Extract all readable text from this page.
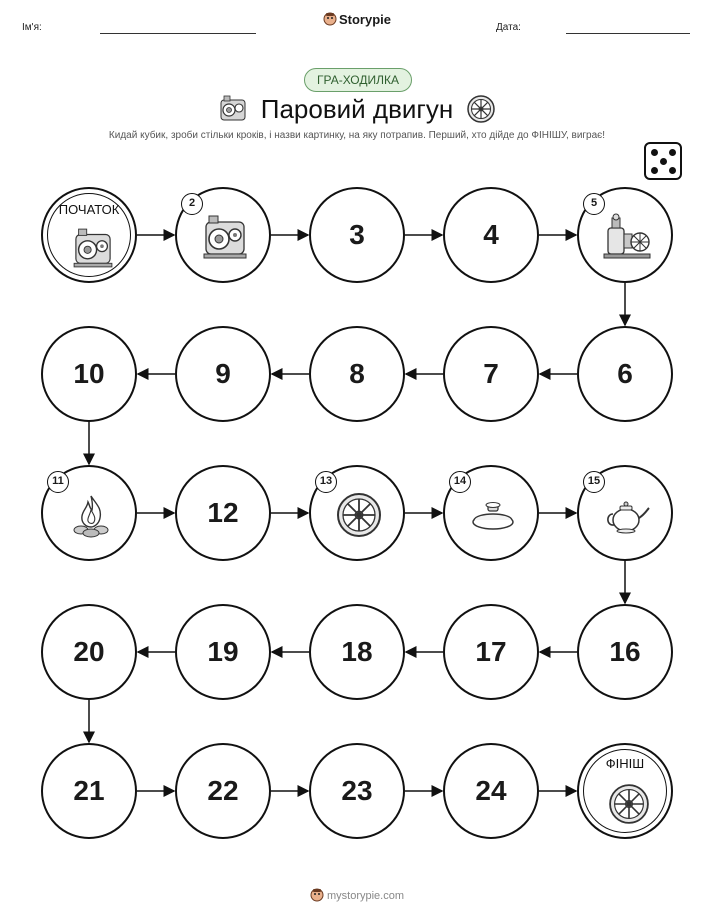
Ім'я:
Storypie
Дата:
ГРА-ХОДИЛКА
Паровий двигун
Кидай кубик, зроби стільки кроків, і назви картинку, на яку потрапив. Перший, хто дійде до ФІНІШУ, виграє!
ПОЧАТОК	2
3	4
5
6
7
8
9
10
11
12
13	14	15
16
17
18
19
20
21	22	23	24
ФІНІШ
mystorypie.com
